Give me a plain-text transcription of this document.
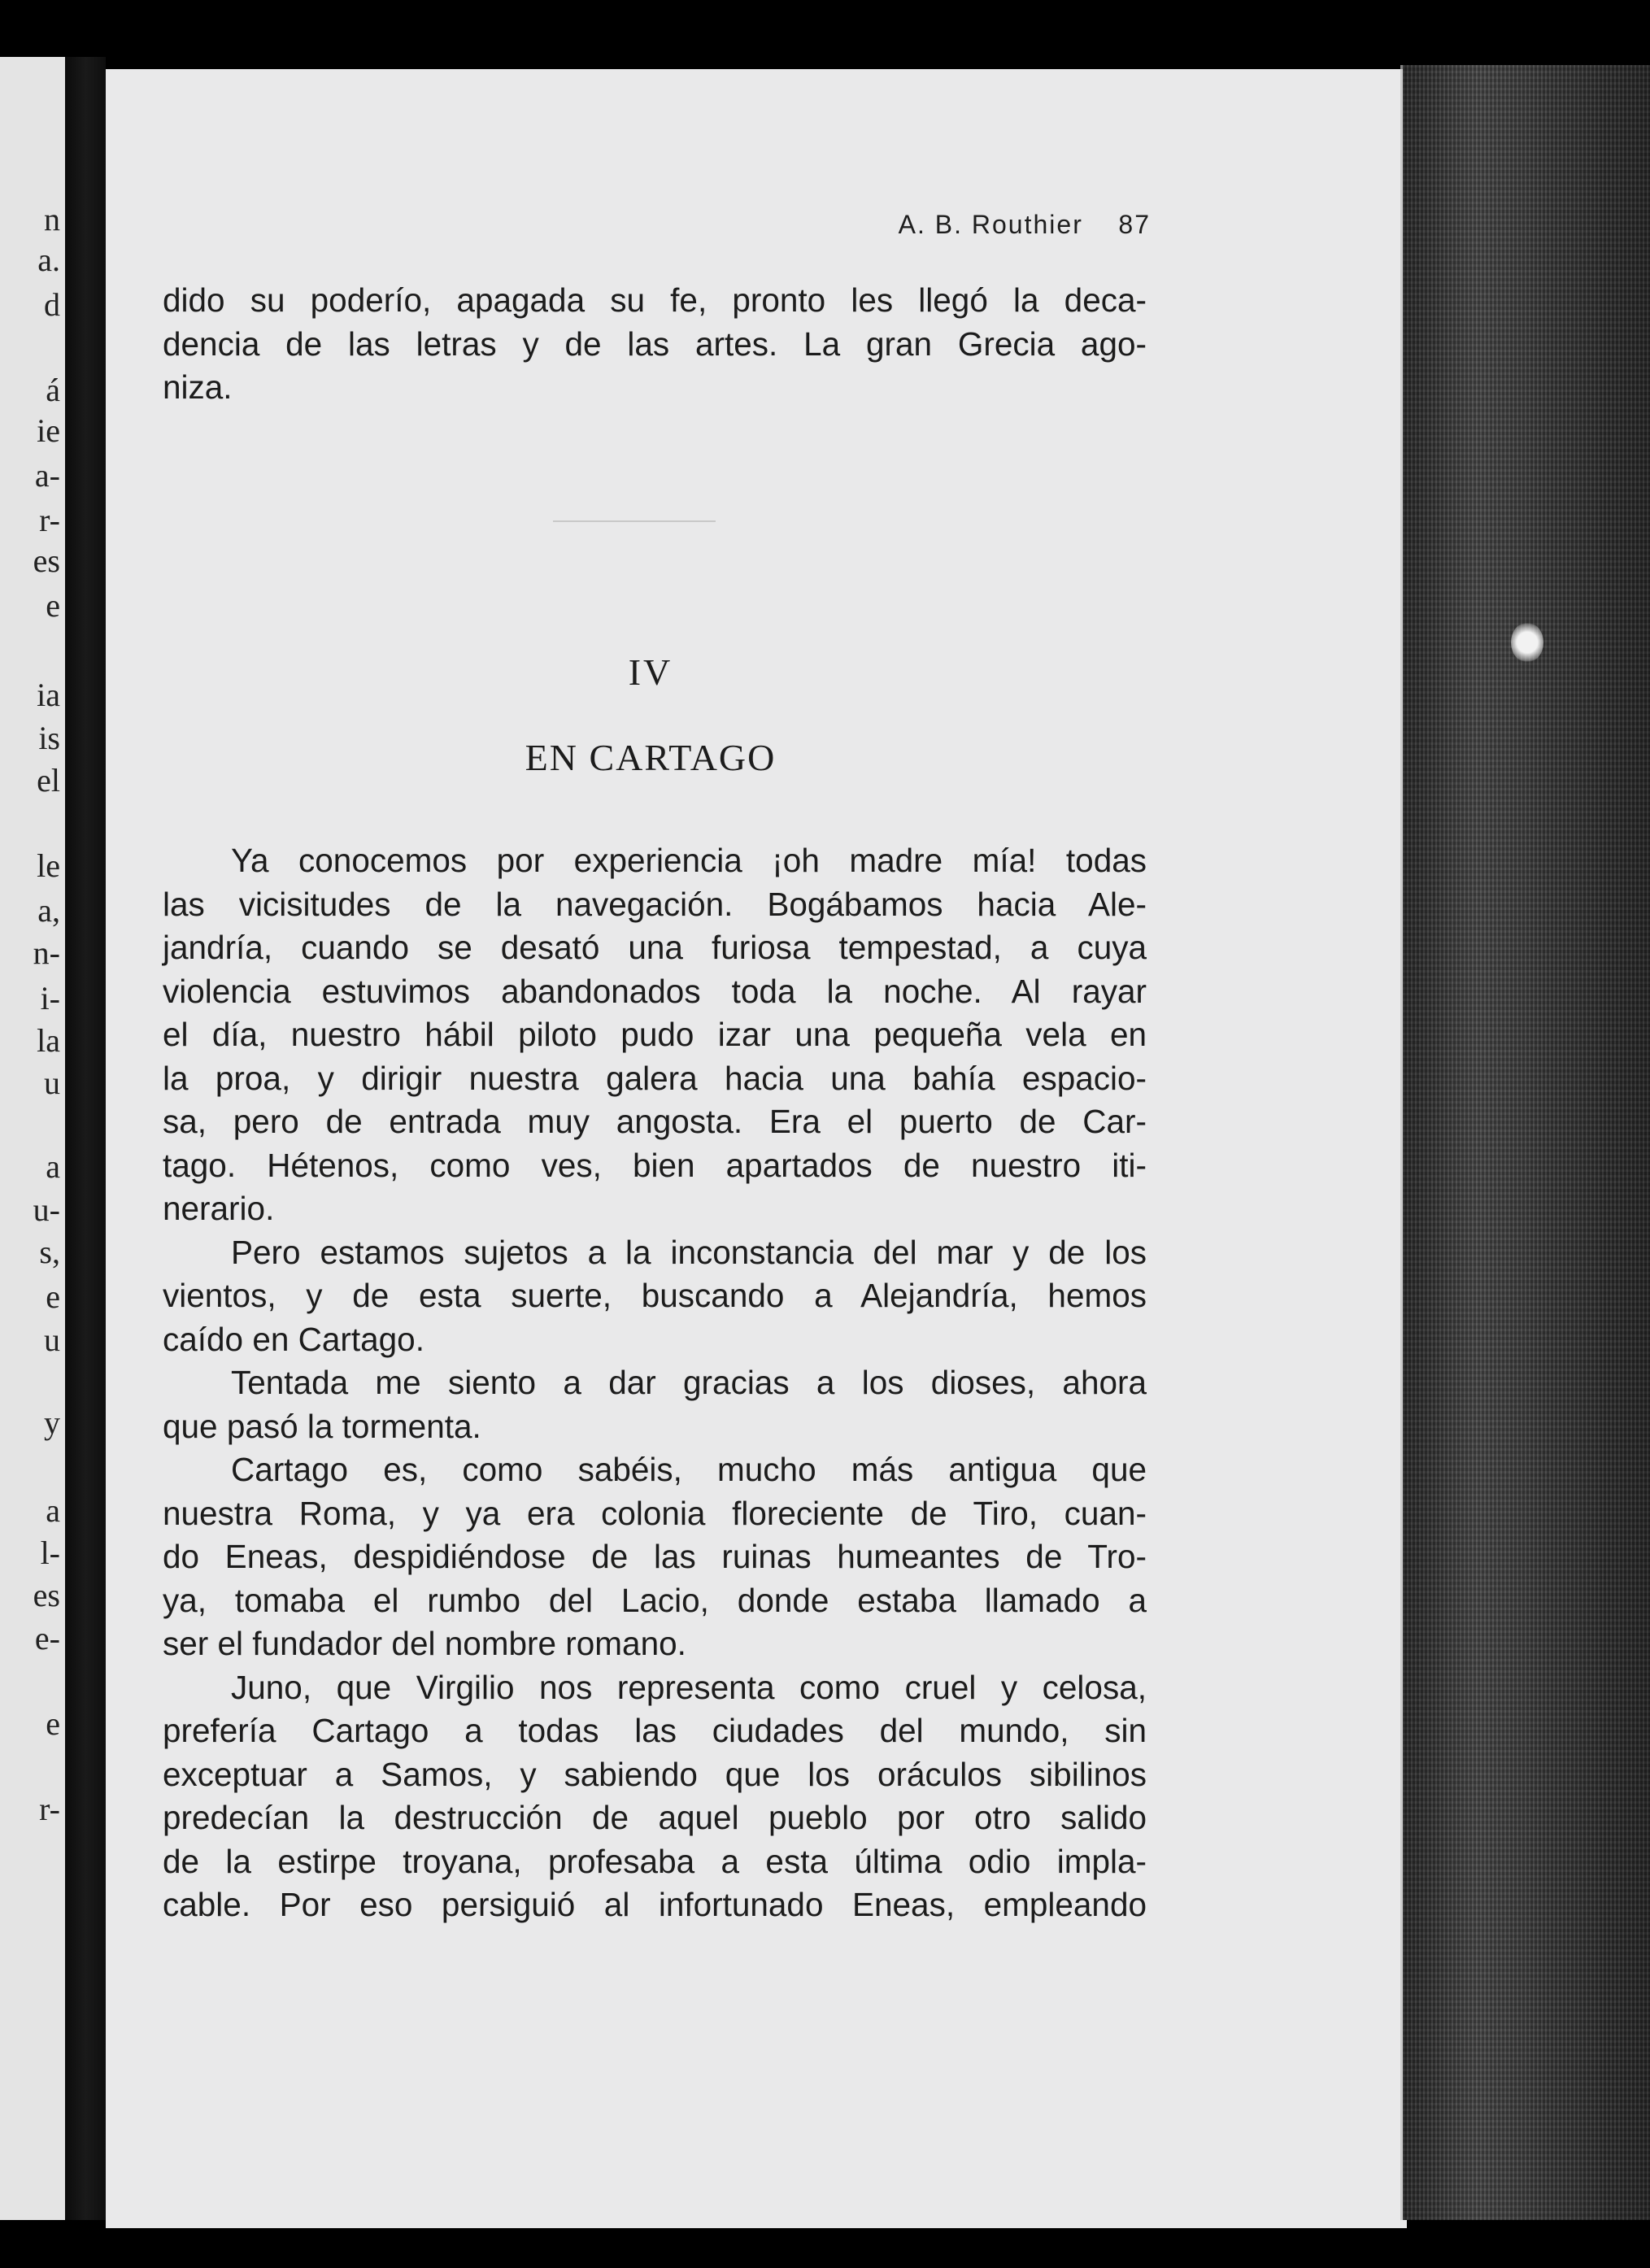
n
a.
d
á
ie
a-
r-
es
e
ia
is
el
le
a,
n-
i-
la
u
a
u-
s,
e
u
y
a
l-
es
e-
e
r-
A. B. Routhier 87
dido su poderío, apagada su fe, pronto les llegó la deca-
dencia de las letras y de las artes. La gran Grecia ago-
niza.
IV
EN CARTAGO
Ya conocemos por experiencia ¡oh madre mía! todas
las vicisitudes de la navegación. Bogábamos hacia Ale-
jandría, cuando se desató una furiosa tempestad, a cuya
violencia estuvimos abandonados toda la noche. Al rayar
el día, nuestro hábil piloto pudo izar una pequeña vela en
la proa, y dirigir nuestra galera hacia una bahía espacio-
sa, pero de entrada muy angosta. Era el puerto de Car-
tago. Hétenos, como ves, bien apartados de nuestro iti-
nerario.
Pero estamos sujetos a la inconstancia del mar y de los
vientos, y de esta suerte, buscando a Alejandría, hemos
caído en Cartago.
Tentada me siento a dar gracias a los dioses, ahora
que pasó la tormenta.
Cartago es, como sabéis, mucho más antigua que
nuestra Roma, y ya era colonia floreciente de Tiro, cuan-
do Eneas, despidiéndose de las ruinas humeantes de Tro-
ya, tomaba el rumbo del Lacio, donde estaba llamado a
ser el fundador del nombre romano.
Juno, que Virgilio nos representa como cruel y celosa,
prefería Cartago a todas las ciudades del mundo, sin
exceptuar a Samos, y sabiendo que los oráculos sibilinos
predecían la destrucción de aquel pueblo por otro salido
de la estirpe troyana, profesaba a esta última odio impla-
cable. Por eso persiguió al infortunado Eneas, empleando
